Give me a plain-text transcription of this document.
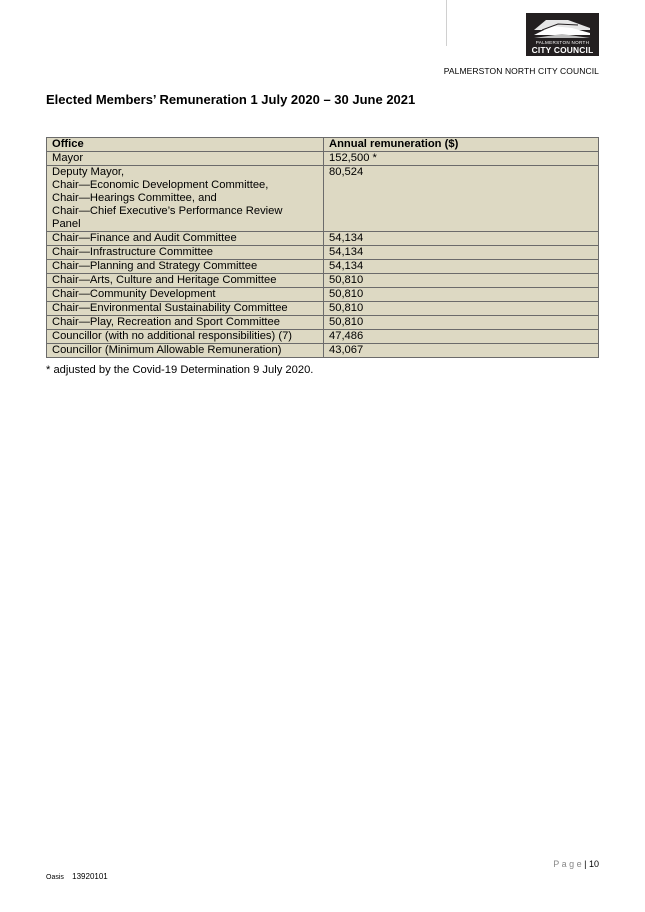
PALMERSTON NORTH
CITY COUNCIL
PALMERSTON NORTH CITY COUNCIL
Elected Members’ Remuneration 1 July 2020 – 30 June 2021
Office	Annual remuneration ($)

Mayor	152,500 *

Deputy Mayor,
Chair—Economic Development Committee,
Chair—Hearings Committee, and
Chair—Chief Executive’s Performance Review
Panel	80,524

Chair—Finance and Audit Committee	54,134

Chair—Infrastructure Committee	54,134

Chair—Planning and Strategy Committee	54,134

Chair—Arts, Culture and Heritage Committee	50,810

Chair—Community Development	50,810

Chair—Environmental Sustainability Committee	50,810

Chair—Play, Recreation and Sport Committee	50,810

Councillor (with no additional responsibilities) (7)	47,486

Councillor (Minimum Allowable Remuneration)	43,067
* adjusted by the Covid-19 Determination 9 July 2020.
P a g e | 10
Oasis 13920101
